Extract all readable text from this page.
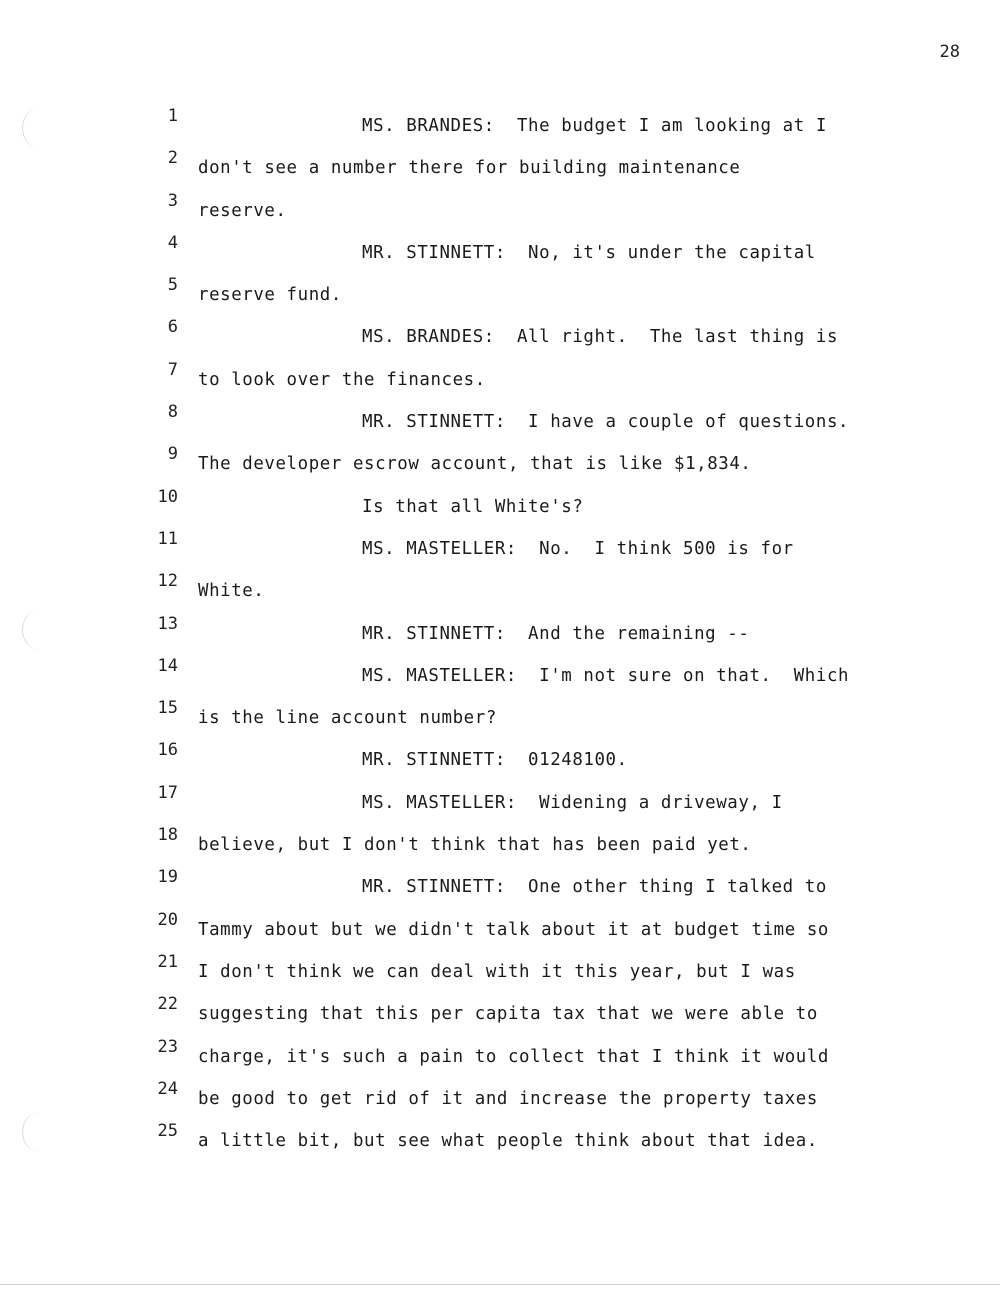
28
1	MS. BRANDES:  The budget I am looking at I
2 don't see a number there for building maintenance
3 reserve.
4	MR. STINNETT:  No, it's under the capital
5 reserve fund.
6	MS. BRANDES:  All right.  The last thing is
7 to look over the finances.
8	MR. STINNETT:  I have a couple of questions.
9 The developer escrow account, that is like $1,834.
10	Is that all White's?
11	MS. MASTELLER:  No.  I think 500 is for
12 White.
13	MR. STINNETT:  And the remaining --
14	MS. MASTELLER:  I'm not sure on that.  Which
15 is the line account number?
16	MR. STINNETT:  01248100.
17	MS. MASTELLER:  Widening a driveway, I
18 believe, but I don't think that has been paid yet.
19	MR. STINNETT:  One other thing I talked to
20 Tammy about but we didn't talk about it at budget time so
21 I don't think we can deal with it this year, but I was
22 suggesting that this per capita tax that we were able to
23 charge, it's such a pain to collect that I think it would
24 be good to get rid of it and increase the property taxes
25 a little bit, but see what people think about that idea.
